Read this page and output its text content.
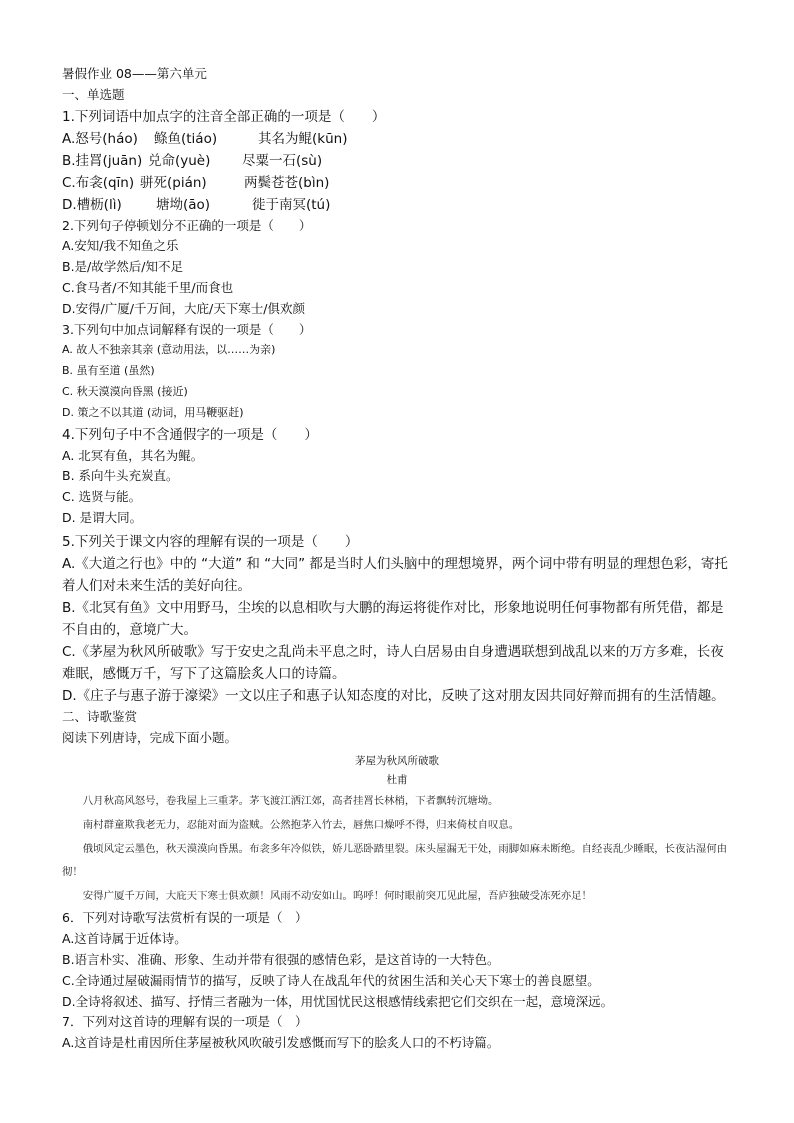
暑假作业 08——第六单元
一、单选题
1.下列词语中加点字的注音全部正确的一项是（　　）
A.怒号(háo) 鲦鱼(tiáo)	其名为鲲(kūn)
B.挂罥(juān) 兑命(yuè) 尽粟一石(sù)
C.布衾(qīn) 骈死(pián)	两鬓苍苍(bìn)
D.槽枥(lì)	塘坳(āo)	徙于南冥(tú)
2.下列句子停顿划分不正确的一项是（　　）
A.安知/我不知鱼之乐
B.是/故学然后/知不足
C.食马者/不知其能千里/而食也
D.安得/广厦/千万间，大庇/天下寒士/俱欢颜
3.下列句中加点词解释有误的一项是（　　）
A. 故人不独亲其亲 (意动用法，以……为亲)
B. 虽有至道 (虽然)
C. 秋天漠漠向昏黑 (接近)
D. 策之不以其道 (动词，用马鞭驱赶)
4.下列句子中不含通假字的一项是（　　）
A. 北冥有鱼，其名为鲲。
B. 系向牛头充炭直。
C. 选贤与能。
D. 是谓大同。
5.下列关于课文内容的理解有误的一项是（　　）
A.《大道之行也》中的 “大道” 和 “大同” 都是当时人们头脑中的理想境界，两个词中带有明显的理想色彩，寄托着人们对未来生活的美好向往。
B.《北冥有鱼》文中用野马，尘埃的以息相吹与大鹏的海运将徙作对比，形象地说明任何事物都有所凭借，都是不自由的，意境广大。
C.《茅屋为秋风所破歌》写于安史之乱尚未平息之时，诗人白居易由自身遭遇联想到战乱以来的万方多难，长夜难眠，感慨万千，写下了这篇脍炙人口的诗篇。
D.《庄子与惠子游于濠梁》一文以庄子和惠子认知态度的对比，反映了这对朋友因共同好辩而拥有的生活情趣。
二、诗歌鉴赏
阅读下列唐诗，完成下面小题。
茅屋为秋风所破歌
杜甫
八月秋高风怒号，卷我屋上三重茅。茅飞渡江洒江郊，高者挂罥长林梢，下者飘转沉塘坳。
南村群童欺我老无力，忍能对面为盗贼。公然抱茅入竹去，唇焦口燥呼不得，归来倚杖自叹息。
俄顷风定云墨色，秋天漠漠向昏黑。布衾多年冷似铁，娇儿恶卧踏里裂。床头屋漏无干处，雨脚如麻未断绝。自经丧乱少睡眠，长夜沾湿何由彻！
安得广厦千万间，大庇天下寒士俱欢颜！风雨不动安如山。呜呼！何时眼前突兀见此屋，吾庐独破受冻死亦足！
6．下列对诗歌写法赏析有误的一项是（　）
A.这首诗属于近体诗。
B.语言朴实、准确、形象、生动并带有很强的感情色彩，是这首诗的一大特色。
C.全诗通过屋破漏雨情节的描写，反映了诗人在战乱年代的贫困生活和关心天下寒士的善良愿望。
D.全诗将叙述、描写、抒情三者融为一体，用忧国忧民这根感情线索把它们交织在一起，意境深远。
7．下列对这首诗的理解有误的一项是（　）
A.这首诗是杜甫因所住茅屋被秋风吹破引发感慨而写下的脍炙人口的不朽诗篇。
